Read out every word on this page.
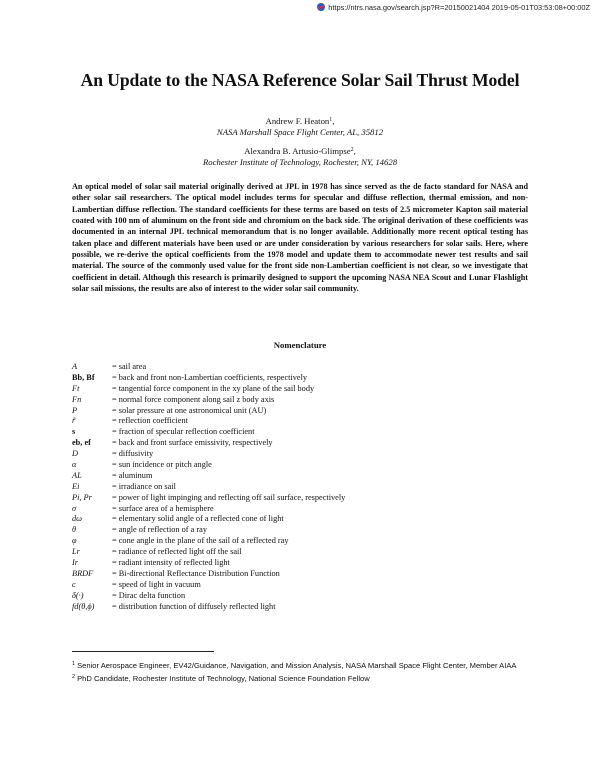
https://ntrs.nasa.gov/search.jsp?R=20150021404 2019-05-01T03:53:08+00:00Z
An Update to the NASA Reference Solar Sail Thrust Model
Andrew F. Heaton$^1$,
NASA Marshall Space Flight Center, AL, 35812
Alexandra B. Artusio-Glimpse$^2$,
Rochester Institute of Technology, Rochester, NY, 14628
An optical model of solar sail material originally derived at JPL in 1978 has since served as the de facto standard for NASA and other solar sail researchers. The optical model includes terms for specular and diffuse reflection, thermal emission, and non-Lambertian diffuse reflection. The standard coefficients for these terms are based on tests of 2.5 micrometer Kapton sail material coated with 100 nm of aluminum on the front side and chromium on the back side. The original derivation of these coefficients was documented in an internal JPL technical memorandum that is no longer available. Additionally more recent optical testing has taken place and different materials have been used or are under consideration by various researchers for solar sails. Here, where possible, we re-derive the optical coefficients from the 1978 model and update them to accommodate newer test results and sail material. The source of the commonly used value for the front side non-Lambertian coefficient is not clear, so we investigate that coefficient in detail. Although this research is primarily designed to support the upcoming NASA NEA Scout and Lunar Flashlight solar sail missions, the results are also of interest to the wider solar sail community.
Nomenclature
A	= sail area
Bb, Bf	= back and front non-Lambertian coefficients, respectively
Ft	= tangential force component in the xy plane of the sail body
Fn	= normal force component along sail z body axis
P	= solar pressure at one astronomical unit (AU)
r̃	= reflection coefficient
s	= fraction of specular reflection coefficient
eb, ef	= back and front surface emissivity, respectively
D	= diffusivity
α	= sun incidence or pitch angle
AL	= aluminum
Ei	= irradiance on sail
Pi, Pr	= power of light impinging and reflecting off sail surface, respectively
σ	= surface area of a hemisphere
dω	= elementary solid angle of a reflected cone of light
θ	= angle of reflection of a ray
φ	= cone angle in the plane of the sail of a reflected ray
Lr	= radiance of reflected light off the sail
Ir	= radiant intensity of reflected light
BRDF	= Bi-directional Reflectance Distribution Function
c	= speed of light in vacuum
δ(·)	= Dirac delta function
fd(θ,ϕ)	= distribution function of diffusely reflected light
$^1$ Senior Aerospace Engineer, EV42/Guidance, Navigation, and Mission Analysis, NASA Marshall Space Flight Center, Member AIAA
$^2$ PhD Candidate, Rochester Institute of Technology, National Science Foundation Fellow
